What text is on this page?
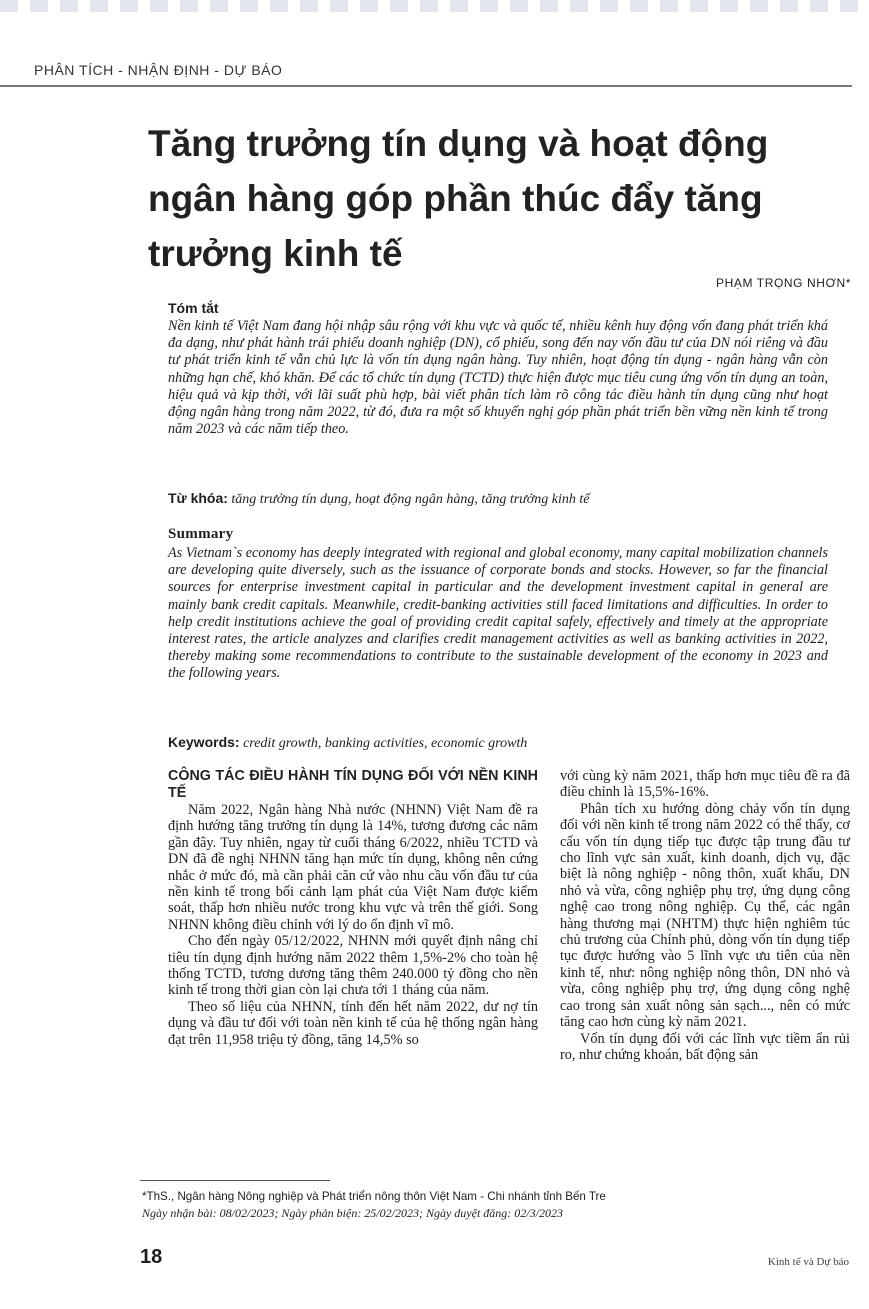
PHÂN TÍCH - NHẬN ĐỊNH - DỰ BÁO
Tăng trưởng tín dụng và hoạt động ngân hàng góp phần thúc đẩy tăng trưởng kinh tế
PHẠM TRỌNG NHƠN*

Tóm tắt

Nền kinh tế Việt Nam đang hội nhập sâu rộng với khu vực và quốc tế, nhiều kênh huy động vốn đang phát triển khá đa dạng, như phát hành trái phiếu doanh nghiệp (DN), cổ phiếu, song đến nay vốn đầu tư của DN nói riêng và đầu tư phát triển kinh tế vẫn chủ lực là vốn tín dụng ngân hàng. Tuy nhiên, hoạt động tín dụng - ngân hàng vẫn còn những hạn chế, khó khăn. Để các tổ chức tín dụng (TCTD) thực hiện được mục tiêu cung ứng vốn tín dụng an toàn, hiệu quả và kịp thời, với lãi suất phù hợp, bài viết phân tích làm rõ công tác điều hành tín dụng cũng như hoạt động ngân hàng trong năm 2022, từ đó, đưa ra một số khuyến nghị góp phần phát triển bền vững nền kinh tế trong năm 2023 và các năm tiếp theo.

Từ khóa: tăng trưởng tín dụng, hoạt động ngân hàng, tăng trưởng kinh tế

Summary

As Vietnam`s economy has deeply integrated with regional and global economy, many capital mobilization channels are developing quite diversely, such as the issuance of corporate bonds and stocks. However, so far the financial sources for enterprise investment capital in particular and the development investment capital in general are mainly bank credit capitals. Meanwhile, credit-banking activities still faced limitations and difficulties. In order to help credit institutions achieve the goal of providing credit capital safely, effectively and timely at the appropriate interest rates, the article analyzes and clarifies credit management activities as well as banking activities in 2022, thereby making some recommendations to contribute to the sustainable development of the economy in 2023 and the following years.

Keywords: credit growth, banking activities, economic growth

CÔNG TÁC ĐIỀU HÀNH TÍN DỤNG ĐỐI VỚI NỀN KINH TẾ

Năm 2022, Ngân hàng Nhà nước (NHNN) Việt Nam đề ra định hướng tăng trưởng tín dụng là 14%, tương đương các năm gần đây. Tuy nhiên, ngay từ cuối tháng 6/2022, nhiều TCTD và DN đã đề nghị NHNN tăng hạn mức tín dụng, không nên cứng nhắc ở mức đó, mà cần phải căn cứ vào nhu cầu vốn đầu tư của nền kinh tế trong bối cảnh lạm phát của Việt Nam được kiểm soát, thấp hơn nhiều nước trong khu vực và trên thế giới. Song NHNN không điều chỉnh với lý do ổn định vĩ mô.

Cho đến ngày 05/12/2022, NHNN mới quyết định nâng chỉ tiêu tín dụng định hướng năm 2022 thêm 1,5%-2% cho toàn hệ thống TCTD, tương dương tăng thêm 240.000 tỷ đồng cho nền kinh tế trong thời gian còn lại chưa tới 1 tháng của năm.

Theo số liệu của NHNN, tính đến hết năm 2022, dư nợ tín dụng và đầu tư đối với toàn nền kinh tế của hệ thống ngân hàng đạt trên 11,958 triệu tỷ đồng, tăng 14,5% so

với cùng kỳ năm 2021, thấp hơn mục tiêu đề ra đã điều chỉnh là 15,5%-16%.

Phân tích xu hướng dòng chảy vốn tín dụng đối với nền kinh tế trong năm 2022 có thể thấy, cơ cấu vốn tín dụng tiếp tục được tập trung đầu tư cho lĩnh vực sản xuất, kinh doanh, dịch vụ, đặc biệt là nông nghiệp - nông thôn, xuất khẩu, DN nhỏ và vừa, công nghiệp phụ trợ, ứng dụng công nghệ cao trong nông nghiệp. Cụ thể, các ngân hàng thương mại (NHTM) thực hiện nghiêm túc chủ trương của Chính phủ, dòng vốn tín dụng tiếp tục được hướng vào 5 lĩnh vực ưu tiên của nền kinh tế, như: nông nghiệp nông thôn, DN nhỏ và vừa, công nghiệp phụ trợ, ứng dụng công nghệ cao trong sản xuất nông sản sạch..., nên có mức tăng cao hơn cùng kỳ năm 2021.

Vốn tín dụng đối với các lĩnh vực tiềm ẩn rủi ro, như chứng khoán, bất động sản

*ThS., Ngân hàng Nông nghiệp và Phát triển nông thôn Việt Nam - Chi nhánh tỉnh Bến Tre
Ngày nhận bài: 08/02/2023; Ngày phản biện: 25/02/2023; Ngày duyệt đăng: 02/3/2023
18	Kinh tế và Dự báo
